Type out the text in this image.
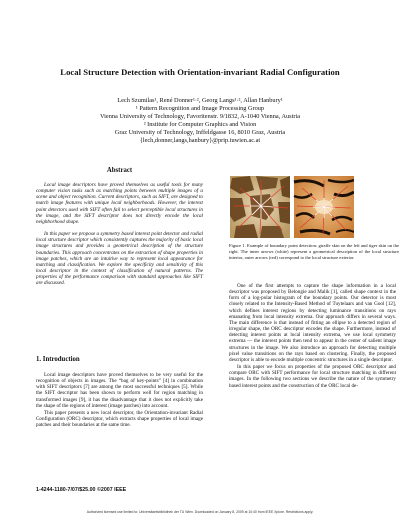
Local Structure Detection with Orientation-invariant Radial Configuration
Lech Szumilas¹, René Donner¹·², Georg Langs¹·², Allan Hanbury¹
¹ Pattern Recognition and Image Processing Group
Vienna University of Technology, Favoritenstr. 9/1832, A-1040 Vienna, Austria
² Institute for Computer Graphics and Vision
Graz University of Technology, Inffeldgasse 16, 8010 Graz, Austria
{lech,donner,langs,hanbury}@prip.tuwien.ac.at
Abstract

Local image descriptors have proved themselves as useful tools for many computer vision tasks such as matching points between multiple images of a scene and object recognition. Current descriptors, such as SIFT, are designed to match image features with unique local neighborhoods. However, the interest point detectors used with SIFT often fail to select perceptible local structures in the image, and the SIFT descriptor does not directly encode the local neighborhood shape.

In this paper we propose a symmetry based interest point detector and radial local structure descriptor which consistently captures the majority of basic local image structures and provides a geometrical description of the structure boundaries. This approach concentrates on the extraction of shape properties in image patches, which are an intuitive way to represent local appearance for matching and classification. We explore the specificity and sensitivity of this local descriptor in the context of classification of natural patterns. The properties of the performance comparison with standard approaches like SIFT are discussed.

1. Introduction

Local image descriptors have proved themselves to be very useful for the recognition of objects in images. The “bag of key-points” [4] in combination with SIFT descriptors [7] are among the most successful techniques [5]. While the SIFT descriptor has been shown to perform well for region matching in transformed images [9], it has the disadvantage that it does not explicitly take the shape of the regions of interest (image patches) into account.

This paper presents a new local descriptor, the Orientation-invariant Radial Configuration (ORC) descriptor, which extracts shape properties of local image patches and their boundaries at the same time.

Figure 1. Example of boundary point detection: giraffe skin on the left and tiger skin on the right. The inner arrows (white) represent a geometrical description of the local structure interior, outer arrows (red) correspond to the local structure exterior.

One of the first attempts to capture the shape information in a local descriptor was proposed by Belongie and Malik [1], called shape context in the form of a log-polar histogram of the boundary points. Our detector is most closely related to the Intensity-Based Method of Tuytelaars and van Gool [12], which defines interest regions by detecting luminance transitions on rays emanating from local intensity extrema. Our approach differs in several ways. The main difference is that instead of fitting an ellipse to a detected region of irregular shape, the ORC descriptor encodes the shape. Furthermore, instead of detecting interest points at local intensity extrema, we use local symmetry extrema — the interest points then tend to appear in the center of salient image structures in the image. We also introduce an approach for detecting multiple pixel value transitions on the rays based on clustering. Finally, the proposed descriptor is able to encode multiple concentric structures in a single descriptor.

In this paper we focus on properties of the proposed ORC descriptor and compare ORC with SIFT performance for local structure matching in different images. In the following two sections we describe the nature of the symmetry based interest points and the construction of the ORC local de-

1-4244-1180-7/07/$25.00 ©2007 IEEE
Authorized licensed use limited to: Universitaetsbibliothek der TU Wien. Downloaded on January 8, 2009 at 10:40 from IEEE Xplore. Restrictions apply.
